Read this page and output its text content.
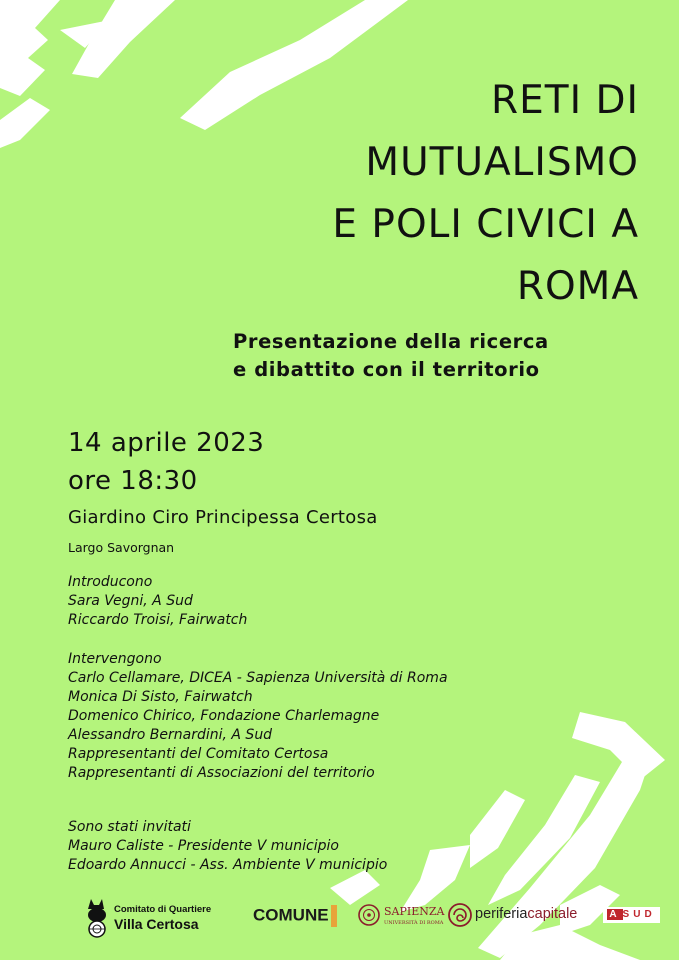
RETI DI
MUTUALISMO
E POLI CIVICI A
ROMA
Presentazione della ricerca
e dibattito con il territorio
14 aprile 2023
ore 18:30
Giardino Ciro Principessa Certosa
Largo Savorgnan
Introducono
Sara Vegni, A Sud
Riccardo Troisi, Fairwatch
Intervengono
Carlo Cellamare, DICEA - Sapienza Università di Roma
Monica Di Sisto, Fairwatch
Domenico Chirico, Fondazione Charlemagne
Alessandro Bernardini, A Sud
Rappresentanti del Comitato Certosa
Rappresentanti di Associazioni del territorio
Sono stati invitati
Mauro Caliste - Presidente V municipio
Edoardo Annucci - Ass. Ambiente V municipio
Comitato di Quartiere
Villa Certosa	COMUNE	SAPIENZA
UNIVERSITÀ DI ROMA
periferiacapitale	A SUD
